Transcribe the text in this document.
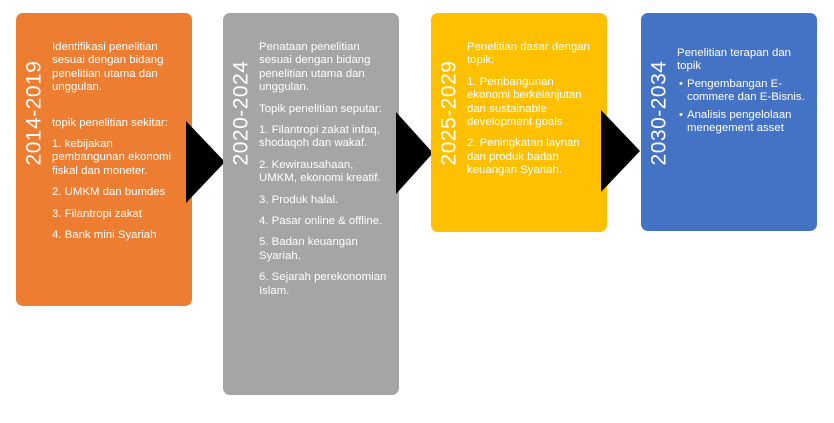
2014-2019

Identifikasi penelitian sesuai dengan bidang penelitian utama dan unggulan.

topik penelitian sekitar:

1. kebijakan pembangunan ekonomi fiskal dan moneter.

2. UMKM dan bumdes

3. Filantropi zakat

4. Bank mini Syariah

2020-2024

Penataan penelitian sesuai dengan bidang penelitian utama dan unggulan.

Topik penelitian seputar:

1. Filantropi zakat infaq, shodaqoh dan wakaf.

2. Kewirausahaan, UMKM, ekonomi kreatif.

3. Produk halal.

4. Pasar online & offline.

5. Badan keuangan Syariah.

6. Sejarah perekonomian Islam.

2025-2029

Penelitian dasar dengan topik:

1. Pembangunan ekonomi berkelanjutan dan sustainable development goals

2. Peningkatan laynan dan produk badan keuangan Syariah.

2030-2034

Penelitian terapan dan topik

• Pengembangan E-commere dan E-Bisnis.
• Analisis pengelolaan menegement asset
